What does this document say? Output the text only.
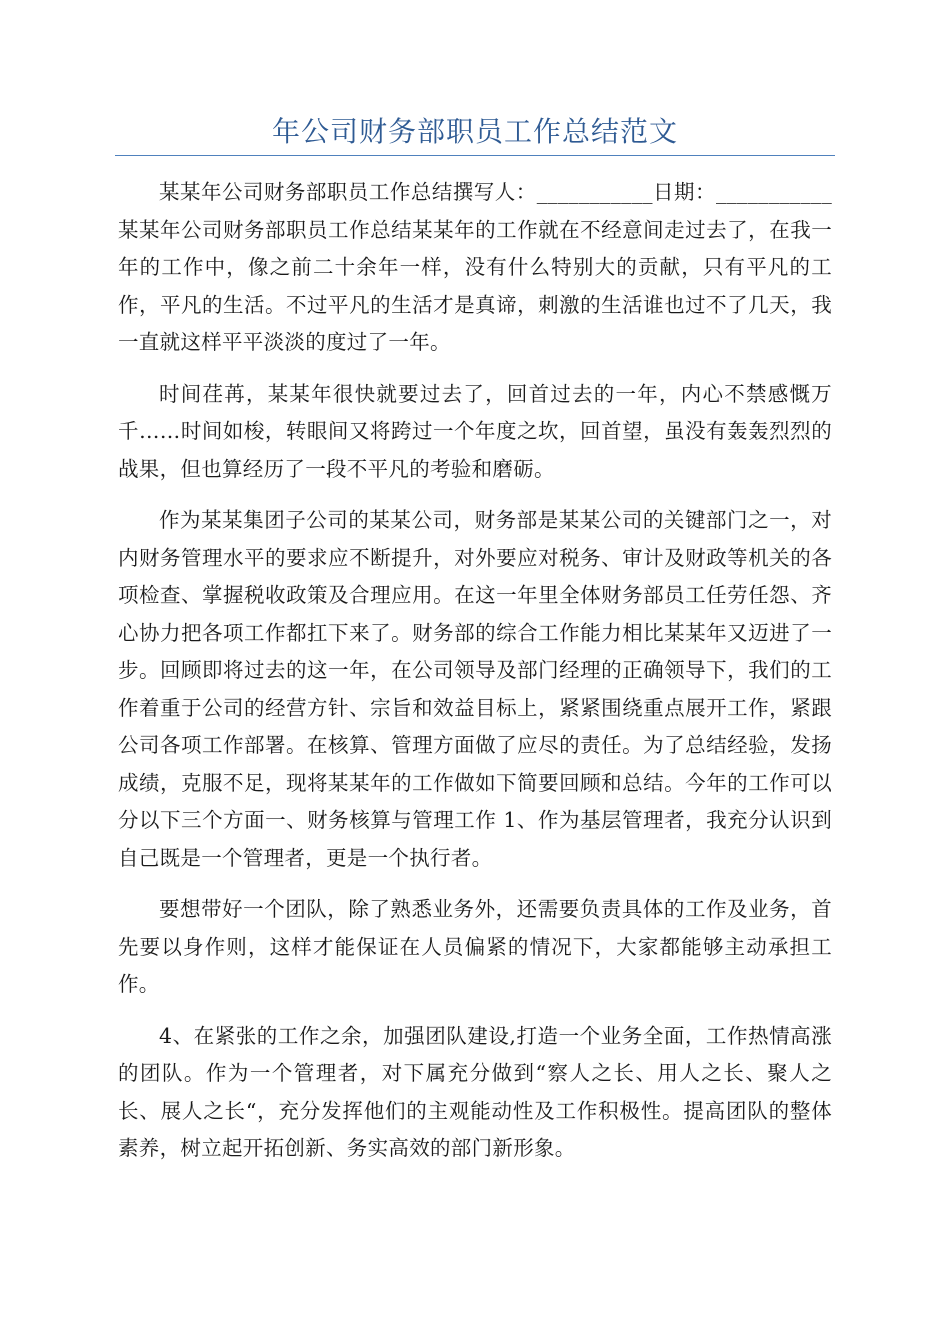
年公司财务部职员工作总结范文

某某年公司财务部职员工作总结撰写人：___________日期：___________某某年公司财务部职员工作总结某某年的工作就在不经意间走过去了，在我一年的工作中，像之前二十余年一样，没有什么特别大的贡献，只有平凡的工作，平凡的生活。不过平凡的生活才是真谛，刺激的生活谁也过不了几天，我一直就这样平平淡淡的度过了一年。

时间荏苒，某某年很快就要过去了，回首过去的一年，内心不禁感慨万千……时间如梭，转眼间又将跨过一个年度之坎，回首望，虽没有轰轰烈烈的战果，但也算经历了一段不平凡的考验和磨砺。

作为某某集团子公司的某某公司，财务部是某某公司的关键部门之一，对内财务管理水平的要求应不断提升，对外要应对税务、审计及财政等机关的各项检查、掌握税收政策及合理应用。在这一年里全体财务部员工任劳任怨、齐心协力把各项工作都扛下来了。财务部的综合工作能力相比某某年又迈进了一步。回顾即将过去的这一年，在公司领导及部门经理的正确领导下，我们的工作着重于公司的经营方针、宗旨和效益目标上，紧紧围绕重点展开工作，紧跟公司各项工作部署。在核算、管理方面做了应尽的责任。为了总结经验，发扬成绩，克服不足，现将某某年的工作做如下简要回顾和总结。今年的工作可以分以下三个方面一、财务核算与管理工作 1、作为基层管理者，我充分认识到自己既是一个管理者，更是一个执行者。

要想带好一个团队，除了熟悉业务外，还需要负责具体的工作及业务，首先要以身作则，这样才能保证在人员偏紧的情况下，大家都能够主动承担工作。

4、在紧张的工作之余，加强团队建设,打造一个业务全面，工作热情高涨的团队。作为一个管理者，对下属充分做到“察人之长、用人之长、聚人之长、展人之长“，充分发挥他们的主观能动性及工作积极性。提高团队的整体素养，树立起开拓创新、务实高效的部门新形象。
